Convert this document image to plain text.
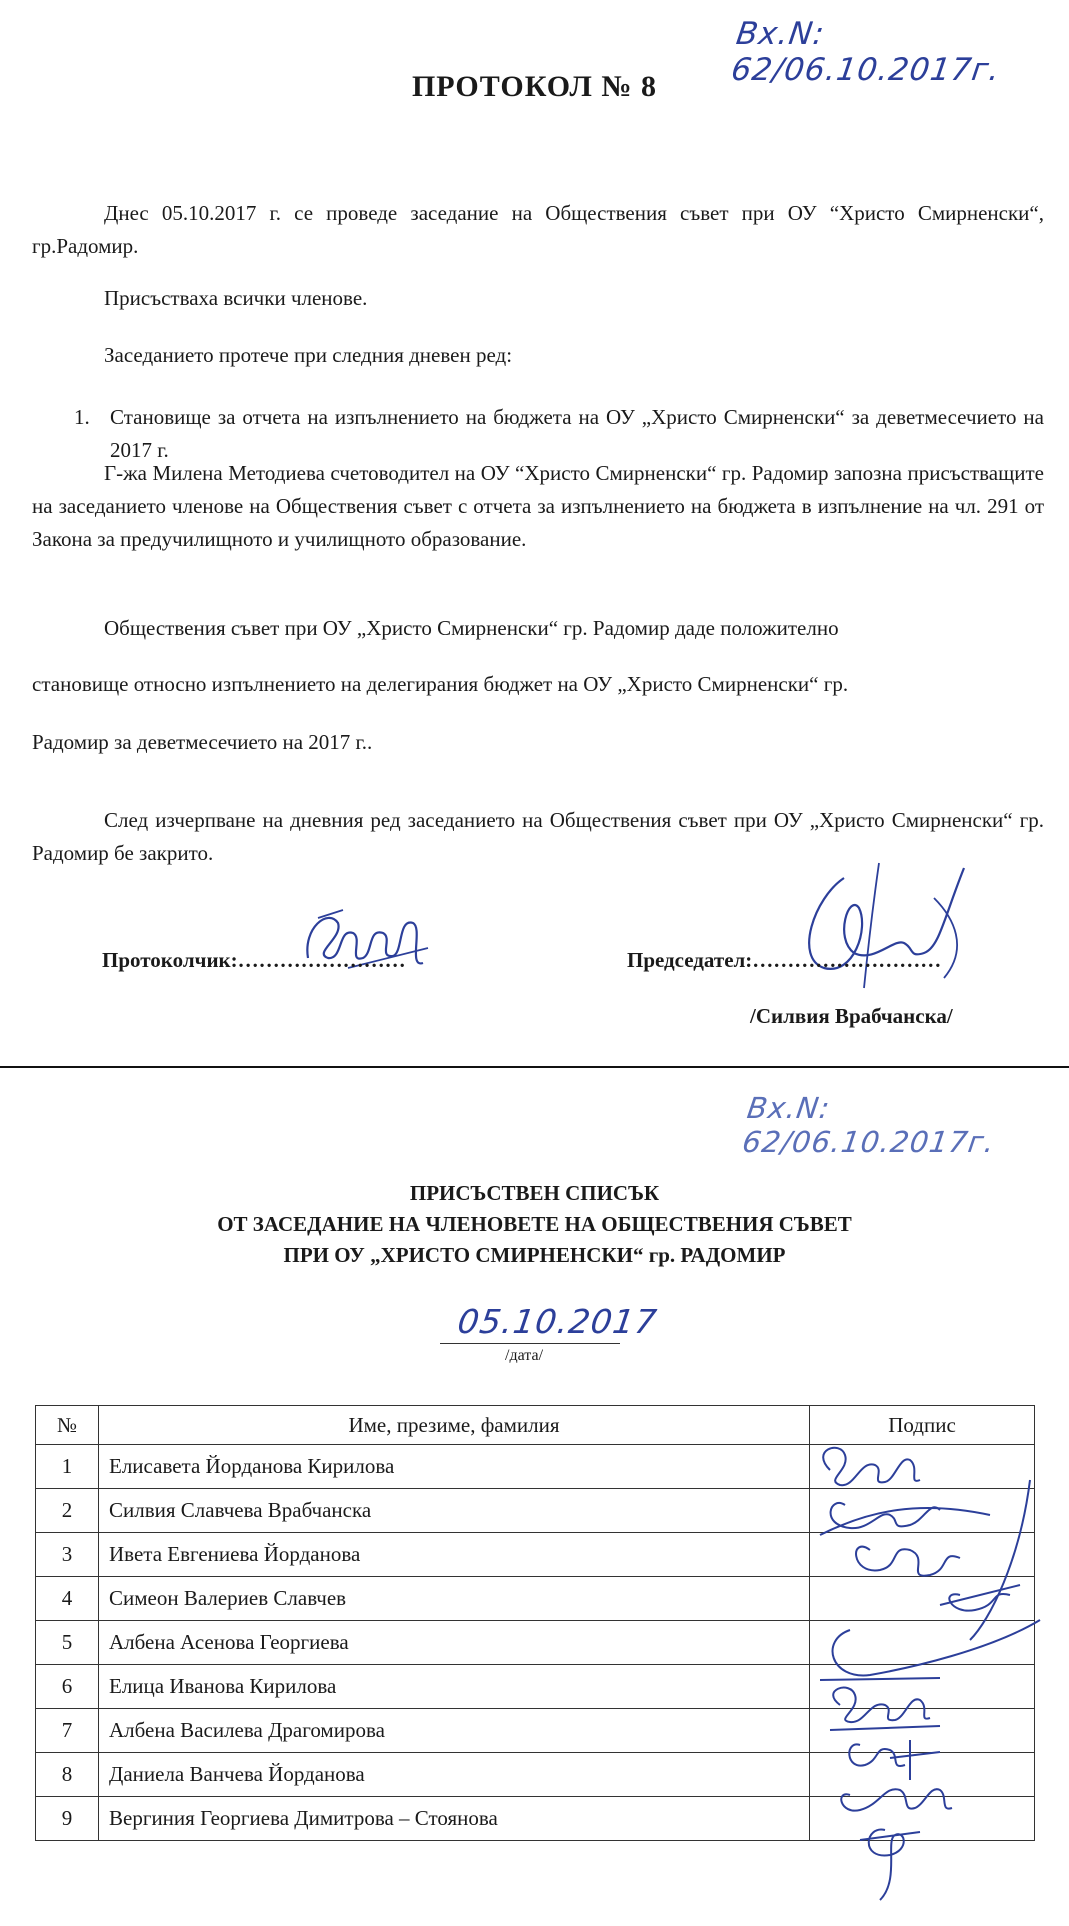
Вх.N: 62/06.10.2017г.
ПРОТОКОЛ № 8

Днес 05.10.2017 г. се проведе заседание на Обществения съвет при ОУ “Христо Смирненски“, гр.Радомир.

Присъстваха всички членове.

Заседанието протече при следния дневен ред:

1. Становище за отчета на изпълнението на бюджета на ОУ „Христо Смирненски“ за деветмесечието на 2017 г.

Г-жа Милена Методиева счетоводител на ОУ “Христо Смирненски“ гр. Радомир запозна присъстващите на заседанието членове на Обществения съвет с отчета за изпълнението на бюджета в изпълнение на чл. 291 от Закона за предучилищното и училищното образование.

Обществения съвет при ОУ „Христо Смирненски“ гр. Радомир даде положително

становище относно изпълнението на делегирания бюджет на ОУ „Христо Смирненски“ гр.

Радомир за деветмесечието на 2017 г..

След изчерпване на дневния ред заседанието на Обществения съвет при ОУ „Христо Смирненски“ гр. Радомир бе закрито.

Протоколчик:……………………	Председател:………………………
/Силвия Врабчанска/
Вх.N: 62/06.10.2017г.
ПРИСЪСТВЕН СПИСЪК
ОТ ЗАСЕДАНИЕ НА ЧЛЕНОВЕТЕ НА ОБЩЕСТВЕНИЯ СЪВЕТ
ПРИ ОУ „ХРИСТО СМИРНЕНСКИ“ гр. РАДОМИР
05.10.2017
/дата/
№	Име, презиме, фамилия	Подпис
1	Елисавета Йорданова Кирилова	
2	Силвия Славчева Врабчанска	
3	Ивета Евгениева Йорданова	
4	Симеон Валериев Славчев	
5	Албена Асенова Георгиева	
6	Елица Иванова Кирилова	
7	Албена Василева Драгомирова	
8	Даниела Ванчева Йорданова	
9	Вергиния Георгиева Димитрова – Стоянова	
